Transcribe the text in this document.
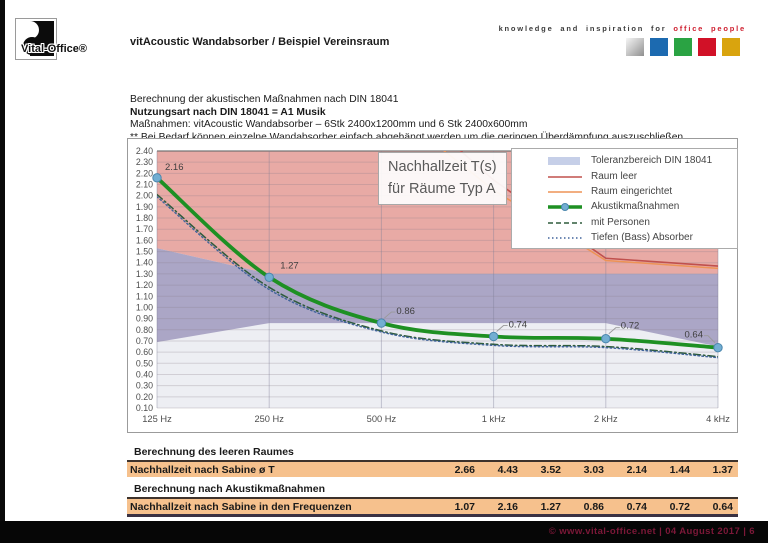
Vital-Office®
knowledge and inspiration for office people
vitAcoustic Wandabsorber / Beispiel Vereinsraum
Berechnung der akustischen Maßnahmen nach DIN 18041
Nutzungsart nach DIN 18041 = A1 Musik
Maßnahmen: vitAcoustic Wandabsorber – 6Stk 2400x1200mm und 6 Stk 2400x600mm
2.16
1.27
0.86
0.74	0.72
0.64
2.40
2.30
2.20
2.10
2.00
1.90
1.80
1.70
1.60
1.50
1.40
1.30
1.20
1.10
1.00
0.90
0.80
0.70
0.60
0.50
0.40
0.30
0.20
0.10
125 Hz	250 Hz	500 Hz	1 kHz	2 kHz	4 kHz
Nachhallzeit T(s)
für Räume Typ A
Toleranzbereich DIN 18041
Raum leer
Raum eingerichtet
Akustikmaßnahmen
mit Personen
Tiefen (Bass) Absorber
Berechnung des leeren Raumes
Nachhallzeit nach Sabine ø T	2.66	4.43	3.52	3.03	2.14	1.44	1.37
Berechnung nach Akustikmaßnahmen
Nachhallzeit nach Sabine in den Frequenzen	1.07	2.16	1.27	0.86	0.74	0.72	0.64
© www.vital-office.net | 04 August 2017 | 6
